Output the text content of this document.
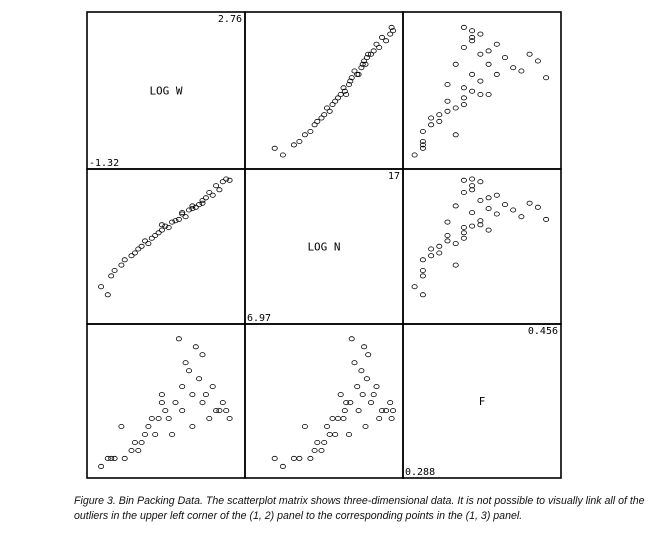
LOG W
2.76
-1.32
LOG N
17
6.97
F
0.456
0.288

Figure 3. Bin Packing Data. The scatterplot matrix shows three-dimensional data. It is not possible to visually link all of the outliers in the upper left corner of the (1, 2) panel to the corresponding points in the (1, 3) panel.
